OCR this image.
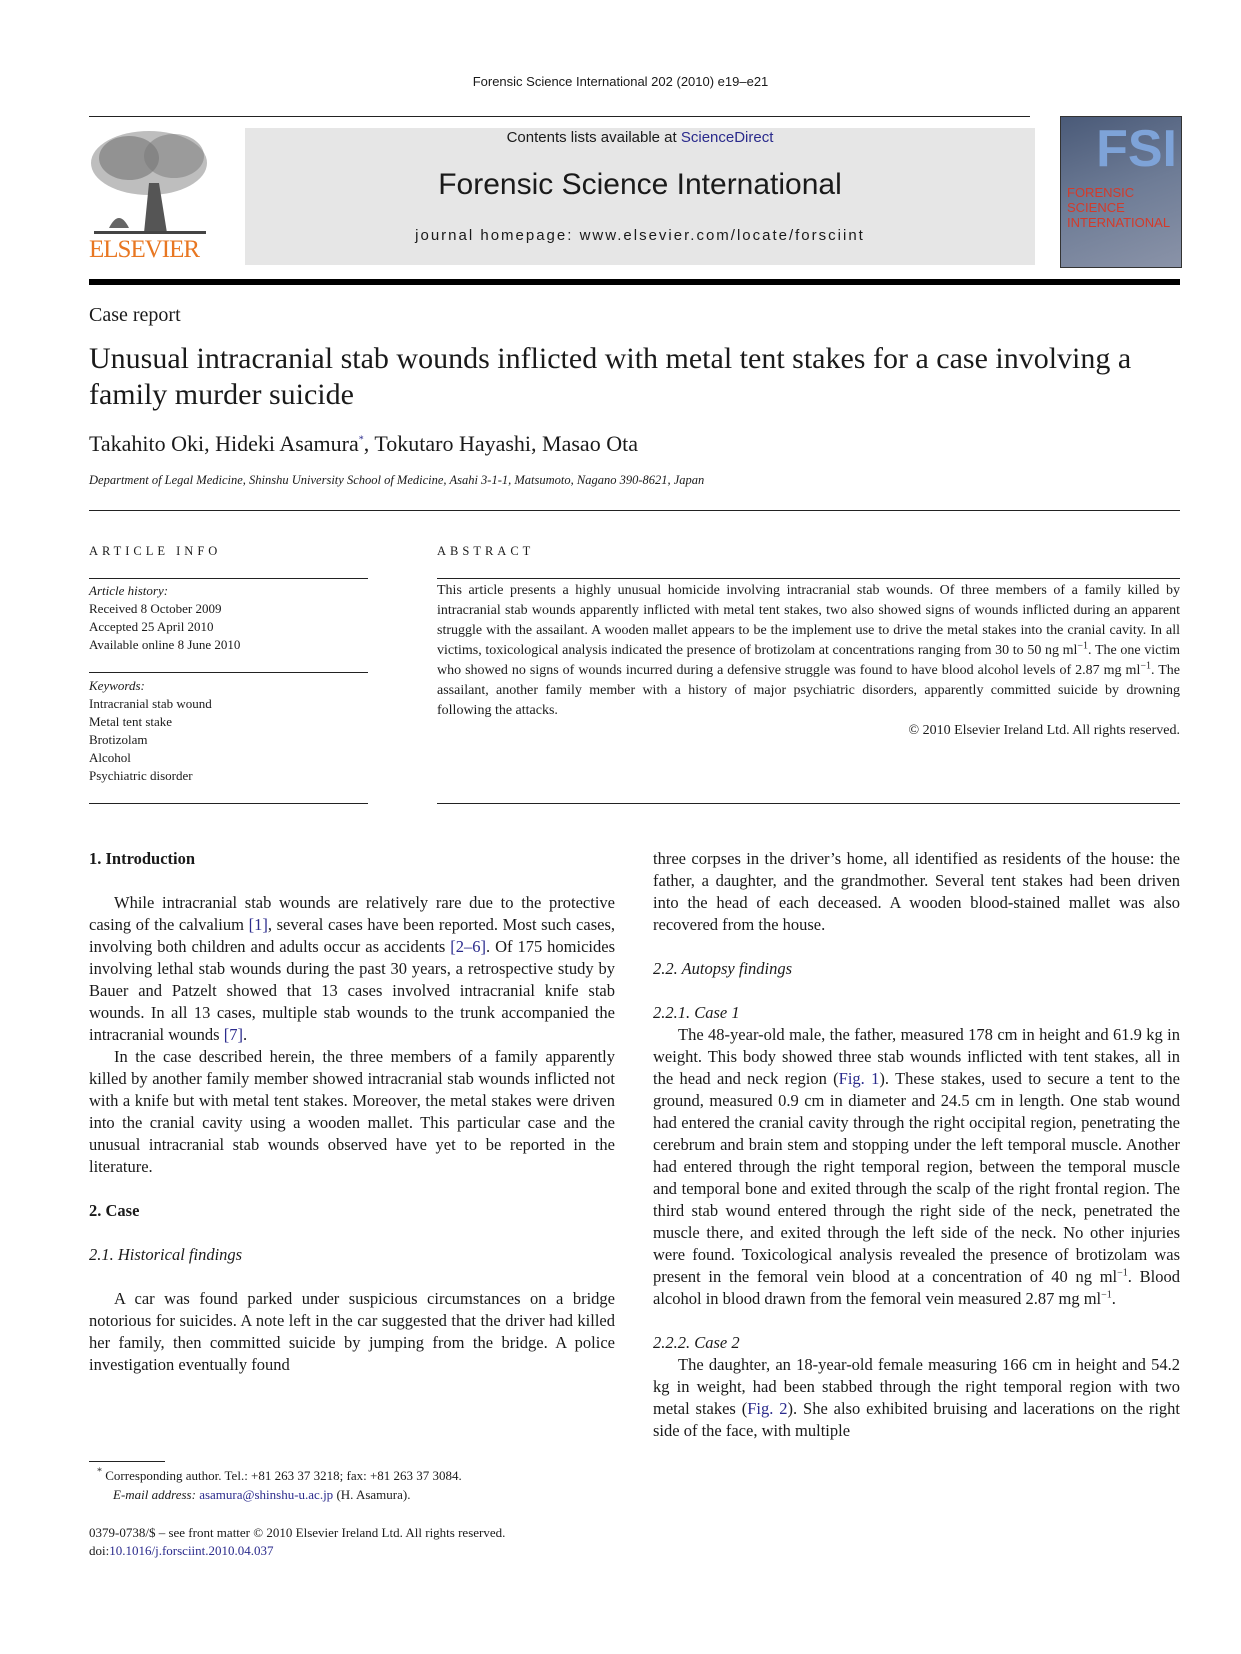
Forensic Science International 202 (2010) e19–e21
ELSEVIER
Contents lists available at ScienceDirect
Forensic Science International
journal homepage: www.elsevier.com/locate/forsciint
FSI
FORENSIC SCIENCE INTERNATIONAL
Case report
Unusual intracranial stab wounds inflicted with metal tent stakes for a case involving a family murder suicide
Takahito Oki, Hideki Asamura*, Tokutaro Hayashi, Masao Ota
Department of Legal Medicine, Shinshu University School of Medicine, Asahi 3-1-1, Matsumoto, Nagano 390-8621, Japan
ARTICLE INFO
Article history:
Received 8 October 2009
Accepted 25 April 2010
Available online 8 June 2010
Keywords:
Intracranial stab wound
Metal tent stake
Brotizolam
Alcohol
Psychiatric disorder
ABSTRACT
This article presents a highly unusual homicide involving intracranial stab wounds. Of three members of a family killed by intracranial stab wounds apparently inflicted with metal tent stakes, two also showed signs of wounds inflicted during an apparent struggle with the assailant. A wooden mallet appears to be the implement use to drive the metal stakes into the cranial cavity. In all victims, toxicological analysis indicated the presence of brotizolam at concentrations ranging from 30 to 50 ng $ml^{-1}$. The one victim who showed no signs of wounds incurred during a defensive struggle was found to have blood alcohol levels of 2.87 mg $ml^{-1}$. The assailant, another family member with a history of major psychiatric disorders, apparently committed suicide by drowning following the attacks.
© 2010 Elsevier Ireland Ltd. All rights reserved.
1. Introduction

While intracranial stab wounds are relatively rare due to the protective casing of the calvalium [1], several cases have been reported. Most such cases, involving both children and adults occur as accidents [2–6]. Of 175 homicides involving lethal stab wounds during the past 30 years, a retrospective study by Bauer and Patzelt showed that 13 cases involved intracranial knife stab wounds. In all 13 cases, multiple stab wounds to the trunk accompanied the intracranial wounds [7].

In the case described herein, the three members of a family apparently killed by another family member showed intracranial stab wounds inflicted not with a knife but with metal tent stakes. Moreover, the metal stakes were driven into the cranial cavity using a wooden mallet. This particular case and the unusual intracranial stab wounds observed have yet to be reported in the literature.

2. Case
2.1. Historical findings

A car was found parked under suspicious circumstances on a bridge notorious for suicides. A note left in the car suggested that the driver had killed her family, then committed suicide by jumping from the bridge. A police investigation eventually found

* Corresponding author. Tel.: +81 263 37 3218; fax: +81 263 37 3084.
E-mail address: asamura@shinshu-u.ac.jp (H. Asamura).
0379-0738/$ – see front matter © 2010 Elsevier Ireland Ltd. All rights reserved.
doi:10.1016/j.forsciint.2010.04.037

three corpses in the driver’s home, all identified as residents of the house: the father, a daughter, and the grandmother. Several tent stakes had been driven into the head of each deceased. A wooden blood-stained mallet was also recovered from the house.

2.2. Autopsy findings
2.2.1. Case 1

The 48-year-old male, the father, measured 178 cm in height and 61.9 kg in weight. This body showed three stab wounds inflicted with tent stakes, all in the head and neck region (Fig. 1). These stakes, used to secure a tent to the ground, measured 0.9 cm in diameter and 24.5 cm in length. One stab wound had entered the cranial cavity through the right occipital region, penetrating the cerebrum and brain stem and stopping under the left temporal muscle. Another had entered through the right temporal region, between the temporal muscle and temporal bone and exited through the scalp of the right frontal region. The third stab wound entered through the right side of the neck, penetrated the muscle there, and exited through the left side of the neck. No other injuries were found. Toxicological analysis revealed the presence of brotizolam was present in the femoral vein blood at a concentration of 40 ng $ml^{-1}$. Blood alcohol in blood drawn from the femoral vein measured 2.87 mg $ml^{-1}$.

2.2.2. Case 2

The daughter, an 18-year-old female measuring 166 cm in height and 54.2 kg in weight, had been stabbed through the right temporal region with two metal stakes (Fig. 2). She also exhibited bruising and lacerations on the right side of the face, with multiple
